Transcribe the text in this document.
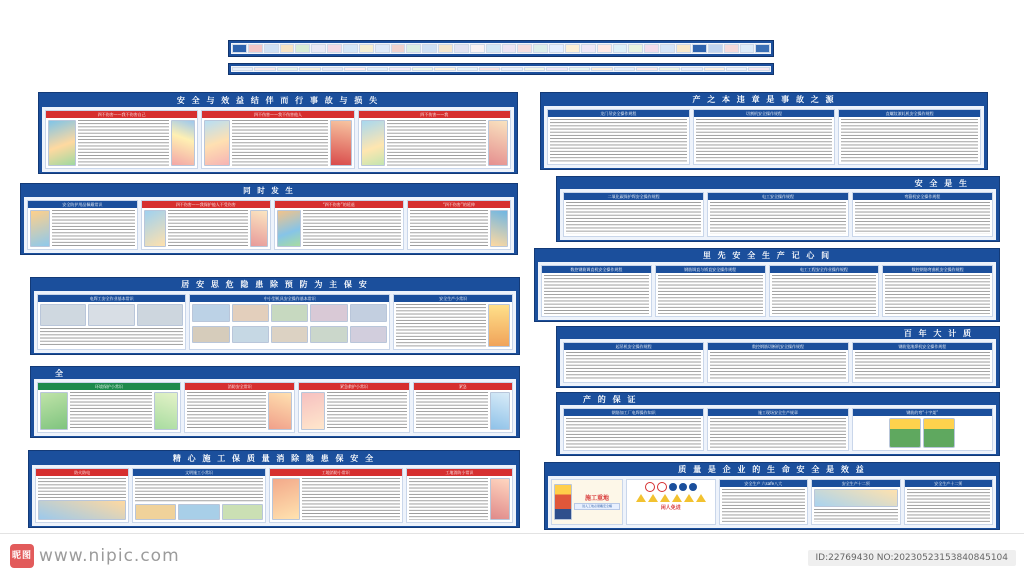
安 全 与 效 益 结 伴 而 行 事 故 与 损 失
四不伤害——我不伤害自己	四不伤害——我不伤害他人	四不伤害——我
同 时 发 生
安全防护用品佩戴常识	四不伤害——我保护他人不受伤害	“四不伤害”的延退	“四不伤害”的延伸
居 安 思 危 隐 患 除 预 防 为 主 保 安
电焊工安全作业基本常识	中小型机具安全操作基本常识	安全生产小常识
全
环境保护小常识	消防安全常识	紧急救护小常识	紧急
精 心 施 工 保 质 量 消 除 隐 患 保 安 全
防火防电	文明施工小常识	工地消防小常识	工地消防小常识
产 之 本 违 章 是 事 故 之 源
龙门吊安全操作规程	切割机安全操作规程	直螺纹滚轧机安全操作规程
安 全 是 生
二氧化碳保护焊安全操作规程	电工安全操作规程	弯箍机安全操作规程
里 先 安 全 生 产 记 心 间
数控钢筋调直机安全操作规程	钢筋调直与矫直安全操作规程	电工工程安全作业操作规程	数控钢筋弯曲机安全操作规程
百 年 大 计 质
起吊机安全操作规程	数控钢筋切断机安全操作规程	钢筋笼滚焊机安全操作规程
产 的 保 证
钢筋加工厂电焊操作知识	施工现场安全生产规章	钢筋的弯“十字架”
质 量 是 企 业 的 生 命 安 全 是 效 益
施工重地
进入工地必须戴安全帽	闲人免进
安全生产 六safe八大	安全生产十二须	安全生产十二须
昵图 www.nipic.com	ID:22769430 NO:20230523153840845104
